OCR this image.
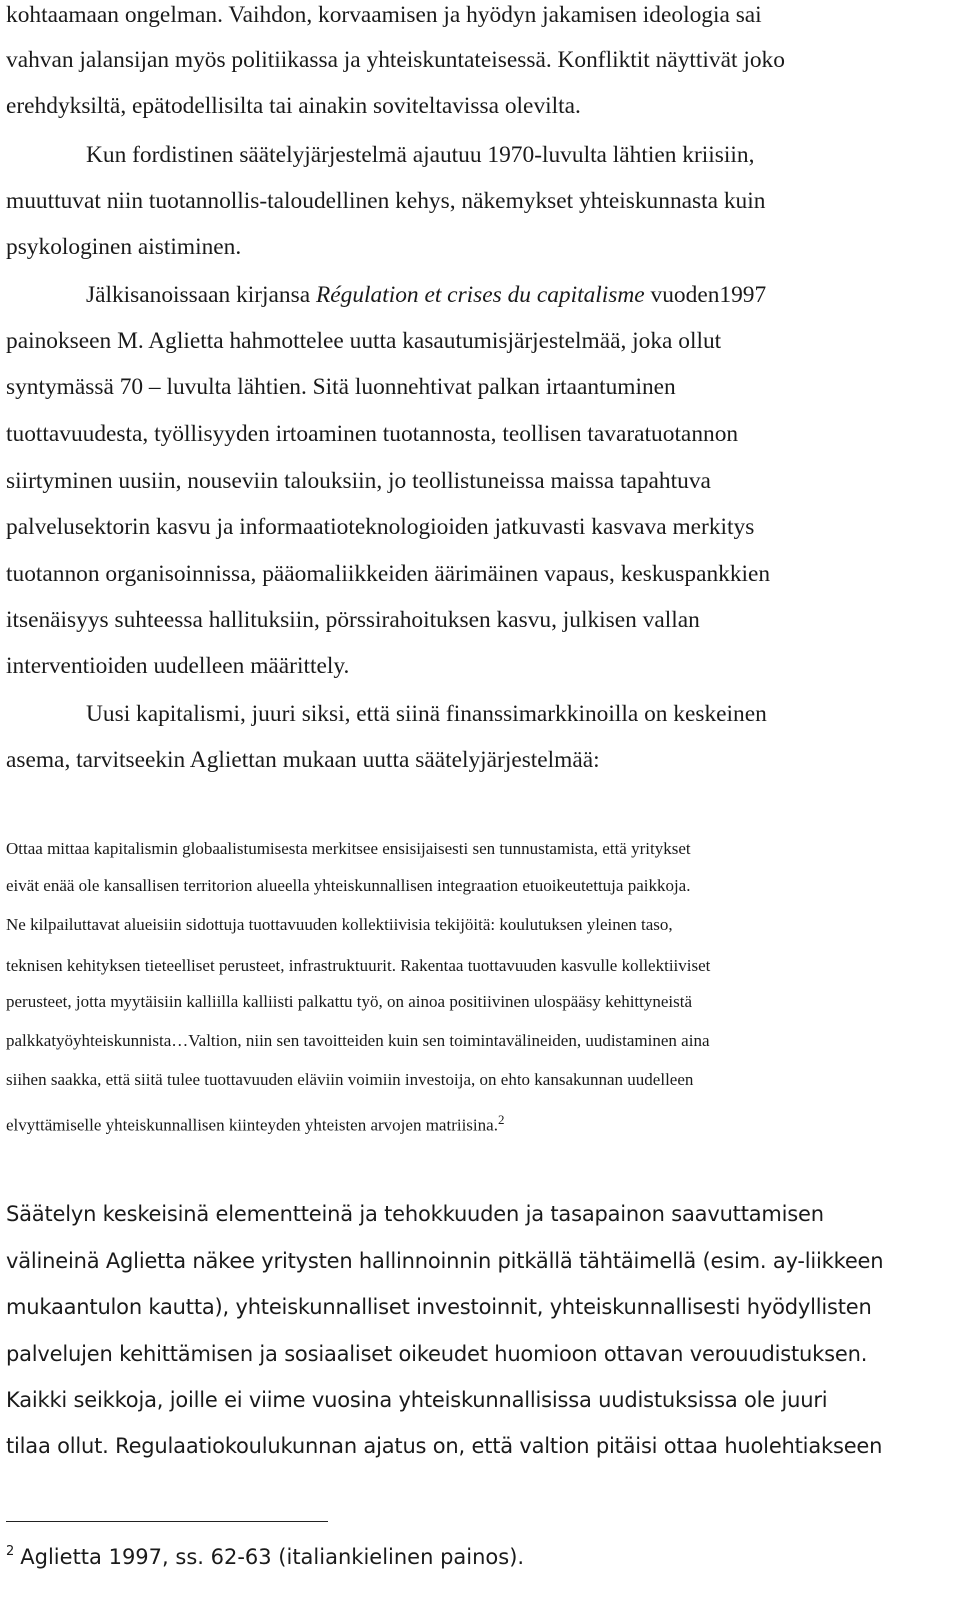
kohtaamaan ongelman. Vaihdon, korvaamisen ja hyödyn jakamisen ideologia sai
vahvan jalansijan myös politiikassa ja yhteiskuntateisessä. Konfliktit näyttivät joko
erehdyksiltä, epätodellisilta tai ainakin soviteltavissa olevilta.
Kun fordistinen säätelyjärjestelmä ajautuu 1970-luvulta lähtien kriisiin,
muuttuvat niin tuotannollis-taloudellinen kehys, näkemykset yhteiskunnasta kuin
psykologinen aistiminen.
Jälkisanoissaan kirjansa Régulation et crises du capitalisme vuoden1997
painokseen M. Aglietta hahmottelee uutta kasautumisjärjestelmää, joka ollut
syntymässä 70 – luvulta lähtien. Sitä luonnehtivat palkan irtaantuminen
tuottavuudesta, työllisyyden irtoaminen tuotannosta, teollisen tavaratuotannon
siirtyminen uusiin, nouseviin talouksiin, jo teollistuneissa maissa tapahtuva
palvelusektorin kasvu ja informaatioteknologioiden jatkuvasti kasvava merkitys
tuotannon organisoinnissa, pääomaliikkeiden äärimäinen vapaus, keskuspankkien
itsenäisyys suhteessa hallituksiin, pörssirahoituksen kasvu, julkisen vallan
interventioiden uudelleen määrittely.
Uusi kapitalismi, juuri siksi, että siinä finanssimarkkinoilla on keskeinen
asema, tarvitseekin Agliettan mukaan uutta säätelyjärjestelmää:
Ottaa mittaa kapitalismin globaalistumisesta merkitsee ensisijaisesti sen tunnustamista, että yritykset
eivät enää ole kansallisen territorion alueella yhteiskunnallisen integraation etuoikeutettuja paikkoja.
Ne kilpailuttavat alueisiin sidottuja tuottavuuden kollektiivisia tekijöitä: koulutuksen yleinen taso,
teknisen kehityksen tieteelliset perusteet, infrastruktuurit. Rakentaa tuottavuuden kasvulle kollektiiviset
perusteet, jotta myytäisiin kalliilla kalliisti palkattu työ, on ainoa positiivinen ulospääsy kehittyneistä
palkkatyöyhteiskunnista…Valtion, niin sen tavoitteiden kuin sen toimintavälineiden, uudistaminen aina
siihen saakka, että siitä tulee tuottavuuden eläviin voimiin investoija, on ehto kansakunnan uudelleen
elvyttämiselle yhteiskunnallisen kiinteyden yhteisten arvojen matriisina.$^2$
Säätelyn keskeisinä elementteinä ja tehokkuuden ja tasapainon saavuttamisen
välineinä Aglietta näkee yritysten hallinnoinnin pitkällä tähtäimellä (esim. ay-liikkeen
mukaantulon kautta), yhteiskunnalliset investoinnit, yhteiskunnallisesti hyödyllisten
palvelujen kehittämisen ja sosiaaliset oikeudet huomioon ottavan verouudistuksen.
Kaikki seikkoja, joille ei viime vuosina yhteiskunnallisissa uudistuksissa ole juuri
tilaa ollut. Regulaatiokoulukunnan ajatus on, että valtion pitäisi ottaa huolehtiakseen
$^2$ Aglietta 1997, ss. 62-63 (italiankielinen painos).
